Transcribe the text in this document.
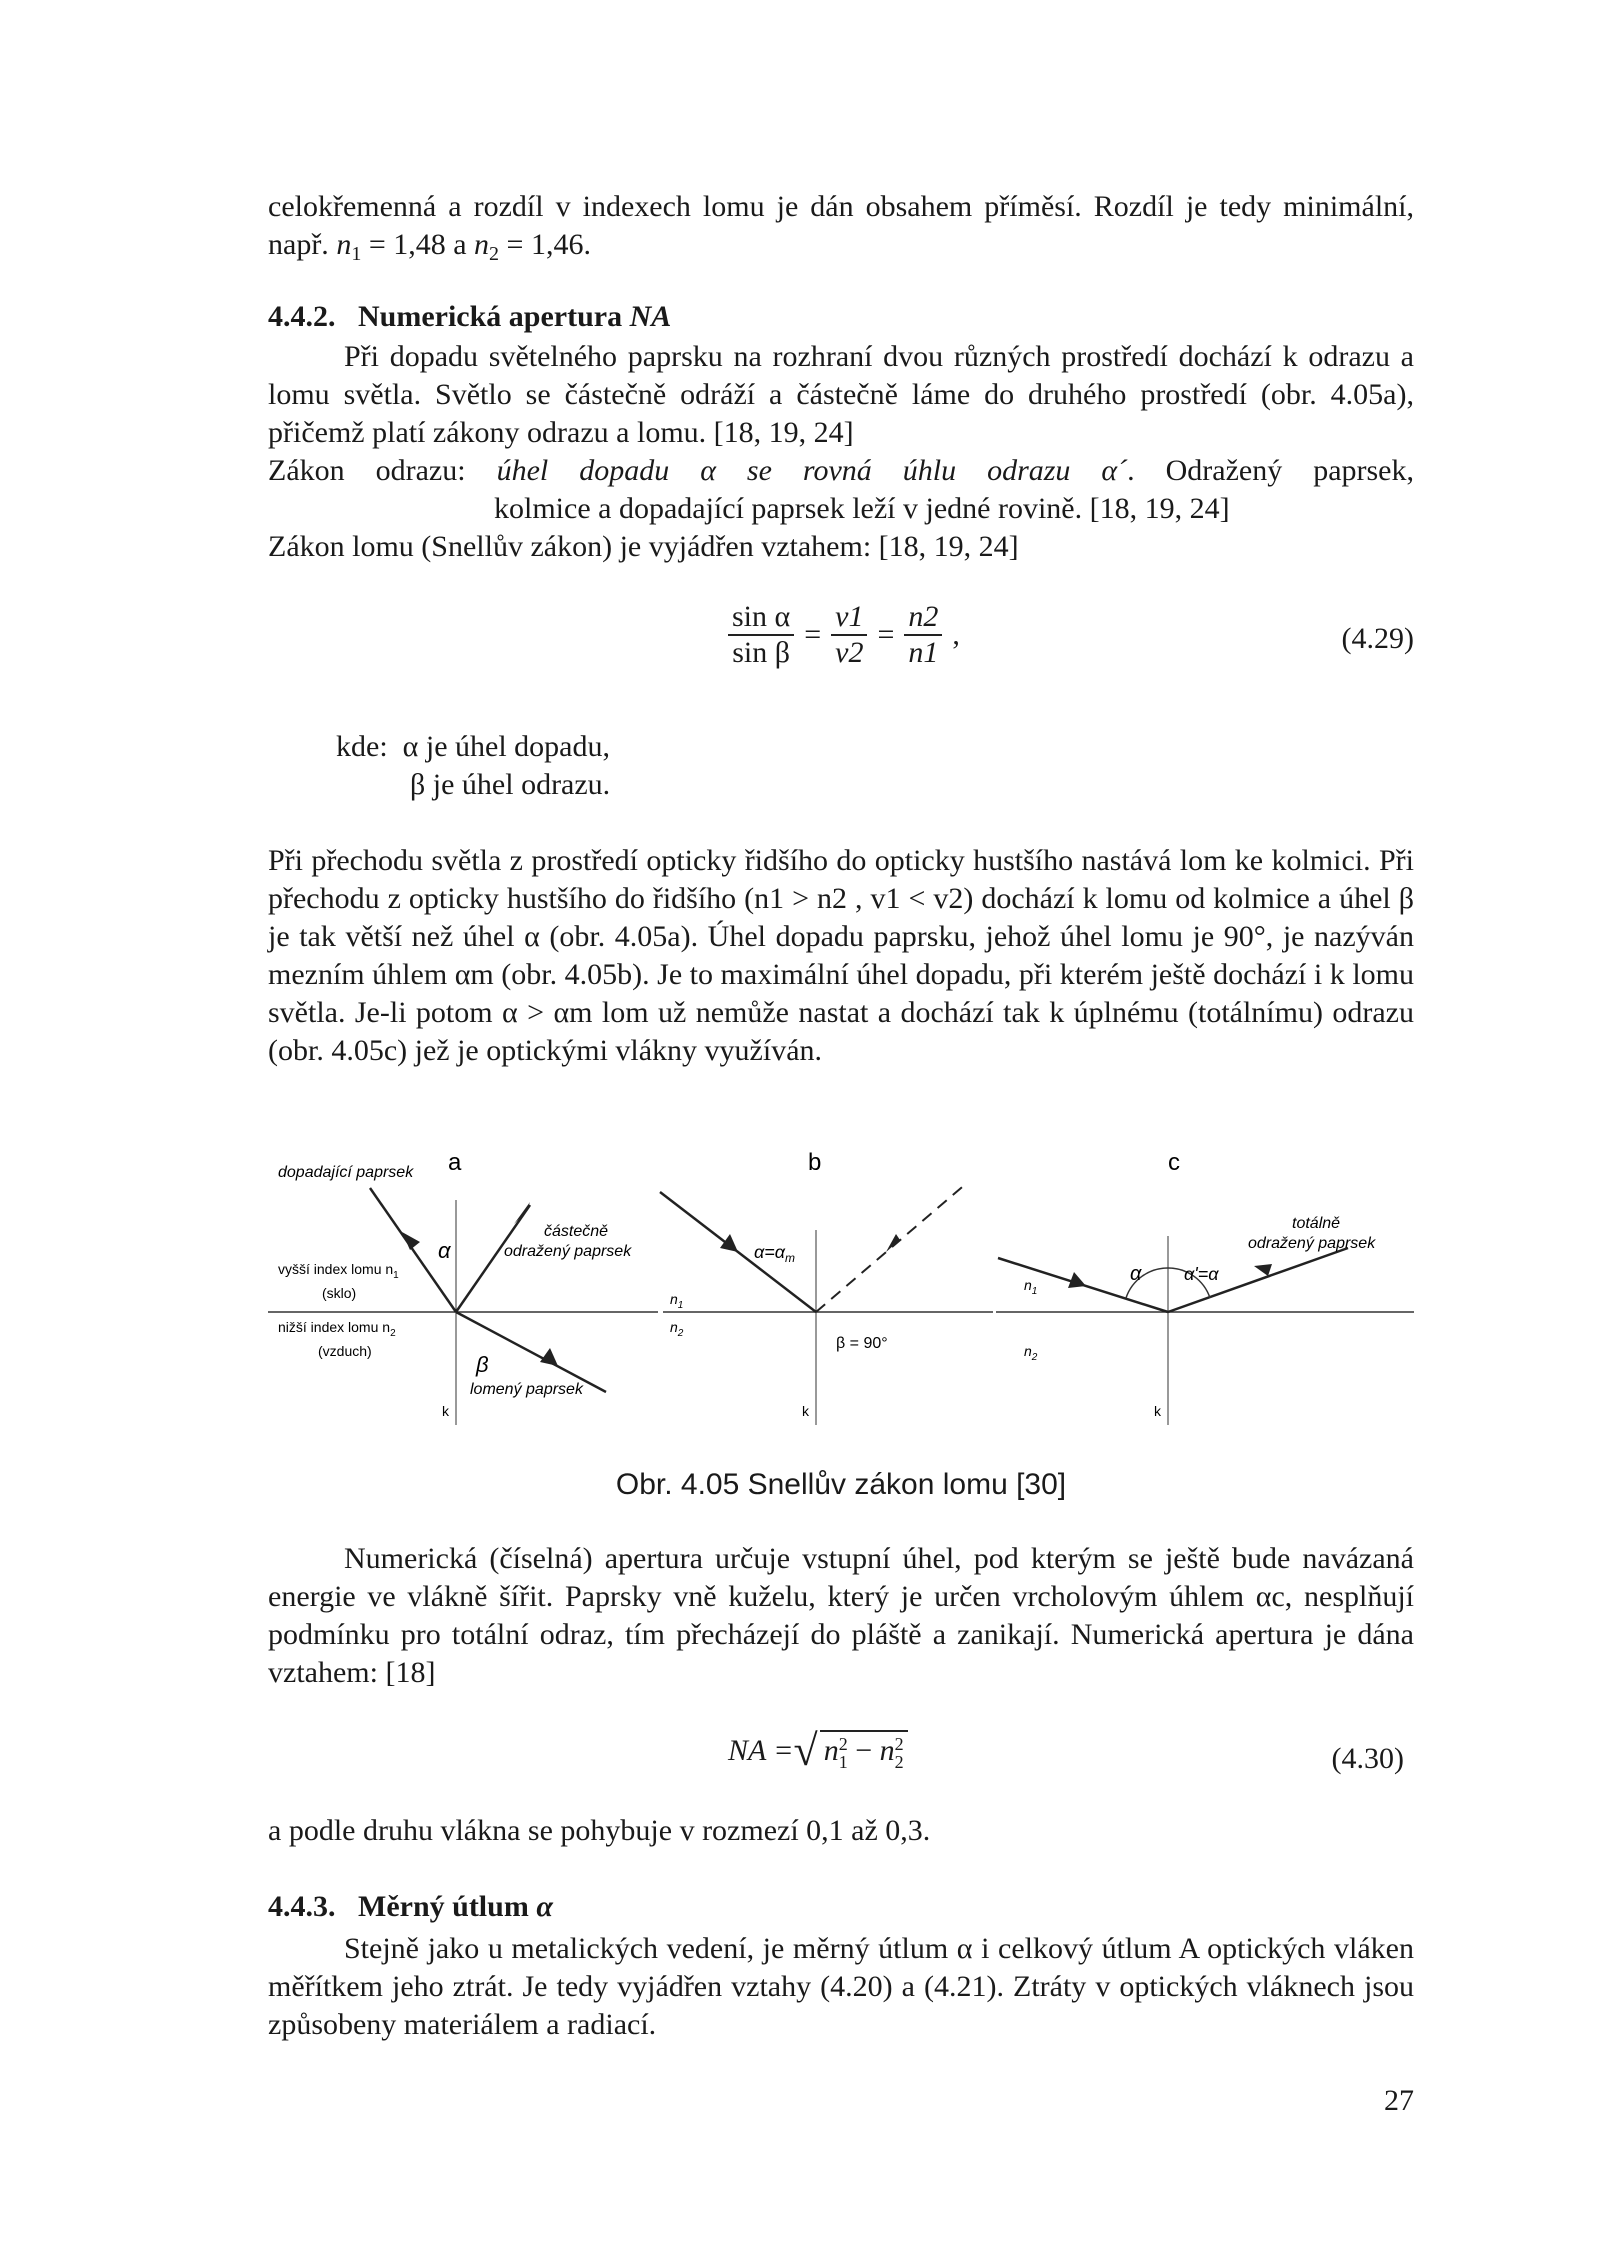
celokřemenná a rozdíl v indexech lomu je dán obsahem příměsí. Rozdíl je tedy minimální, např. $n_1 = 1,48$ a $n_2 = 1,46$.

4.4.2. Numerická apertura NA

Při dopadu světelného paprsku na rozhraní dvou různých prostředí dochází k odrazu a lomu světla. Světlo se částečně odráží a částečně láme do druhého prostředí (obr. 4.05a), přičemž platí zákony odrazu a lomu. [18, 19, 24]

Zákon odrazu: úhel dopadu α se rovná úhlu odrazu α´. Odražený paprsek,

kolmice a dopadající paprsek leží v jedné rovině. [18, 19, 24]

Zákon lomu (Snellův zákon) je vyjádřen vztahem: [18, 19, 24]

$\frac{\text{sin α}}{\text{sin β}} = \frac{v1}{v2} = \frac{n2}{n1}$ ,	(4.29)

kde: α je úhel dopadu,

β je úhel odrazu.

Při přechodu světla z prostředí opticky řidšího do opticky hustšího nastává lom ke kolmici. Při přechodu z opticky hustšího do řidšího (n1 > n2 , v1 < v2) dochází k lomu od kolmice a úhel β je tak větší než úhel α (obr. 4.05a). Úhel dopadu paprsku, jehož úhel lomu je 90°, je nazýván mezním úhlem αm (obr. 4.05b). Je to maximální úhel dopadu, při kterém ještě dochází i k lomu světla. Je-li potom α > αm lom už nemůže nastat a dochází tak k úplnému (totálnímu) odrazu (obr. 4.05c) jež je optickými vlákny využíván.

a
dopadající paprsek
α
β
částečně
odražený paprsek
vyšší index lomu $n_1$
(sklo)
nižší index lomu $n_2$
(vzduch)
lomený paprsek
k
b
$\alpha=\alpha_m$
$n_1$
$n_2$
β = 90°
k
c
α α'=α
totálně
odražený paprsek
$n_1$
$n_2$
k
Obr. 4.05 Snellův zákon lomu [30]

Numerická (číselná) apertura určuje vstupní úhel, pod kterým se ještě bude navázaná energie ve vlákně šířit. Paprsky vně kuželu, který je určen vrcholovým úhlem αc, nesplňují podmínku pro totální odraz, tím přecházejí do pláště a zanikají. Numerická apertura je dána vztahem: [18]

NA = √ n 2
1 − n 2
2	(4.30)

a podle druhu vlákna se pohybuje v rozmezí 0,1 až 0,3.

4.4.3. Měrný útlum α

Stejně jako u metalických vedení, je měrný útlum α i celkový útlum A optických vláken měřítkem jeho ztrát. Je tedy vyjádřen vztahy (4.20) a (4.21). Ztráty v optických vláknech jsou způsobeny materiálem a radiací.

27
